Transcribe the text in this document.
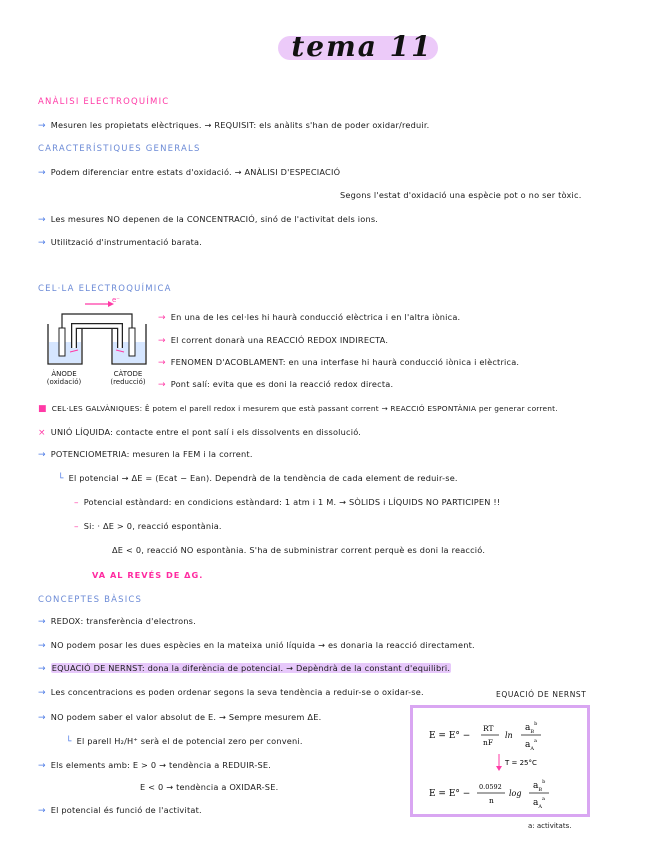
tema 11
ANÀLISI ELECTROQUÍMIC
→ Mesuren les propietats elèctriques. → REQUISIT: els anàlits s'han de poder oxidar/reduir.
CARACTERÍSTIQUES GENERALS
→ Podem diferenciar entre estats d'oxidació. → ANÀLISI D'ESPECIACIÓ
Segons l'estat d'oxidació una espècie pot o no ser tòxic.
→ Les mesures NO depenen de la CONCENTRACIÓ, sinó de l'activitat dels ions.
→ Utilització d'instrumentació barata.
CEL·LA ELECTROQUÍMICA
ÀNODE
(oxidació)
CÀTODE
(reducció)
e⁻
→ En una de les cel·les hi haurà conducció elèctrica i en l'altra iònica.
→ El corrent donarà una REACCIÓ REDOX INDIRECTA.
→ FENOMEN D'ACOBLAMENT: en una interfase hi haurà conducció iònica i elèctrica.
→ Pont salí: evita que es doni la reacció redox directa.
■ CEL·LES GALVÀNIQUES: Ê potem el parell redox i mesurem que està passant corrent → REACCIÓ ESPONTÀNIA per generar corrent.
× UNIÓ LÍQUIDA: contacte entre el pont salí i els dissolvents en dissolució.
→ POTENCIOMETRIA: mesuren la FEM i la corrent.
└ El potencial → ΔE = (Ecat − Ean). Dependrà de la tendència de cada element de reduir-se.
– Potencial estàndard: en condicions estàndard: 1 atm i 1 M. → SÒLIDS i LÍQUIDS NO PARTICIPEN !!
– Si: · ΔE > 0, reacció espontània.
ΔE < 0, reacció NO espontània. S'ha de subministrar corrent perquè es doni la reacció.
VA AL REVÉS DE ΔG.
CONCEPTES BÀSICS
→ REDOX: transferència d'electrons.
→ NO podem posar les dues espècies en la mateixa unió líquida → es donaria la reacció directament.
→ EQUACIÓ DE NERNST: dona la diferència de potencial. → Depèndrà de la constant d'equilibri.
→ Les concentracions es poden ordenar segons la seva tendència a reduir-se o oxidar-se.
→ NO podem saber el valor absolut de E. → Sempre mesurem ΔE.
└ El parell H₂/H⁺ serà el de potencial zero per conveni.
→ Els elements amb: E > 0 → tendència a REDUIR-SE.
E < 0 → tendència a OXIDAR-SE.
→ El potencial és funció de l'activitat.
EQUACIÓ DE NERNST
E = E° −
RT
nF
ln
$a_B^b$
$a_A^a$
T = 25°C
E = E° −
0.0592
n
log
$a_B^b$
$a_A^a$
a: activitats.
